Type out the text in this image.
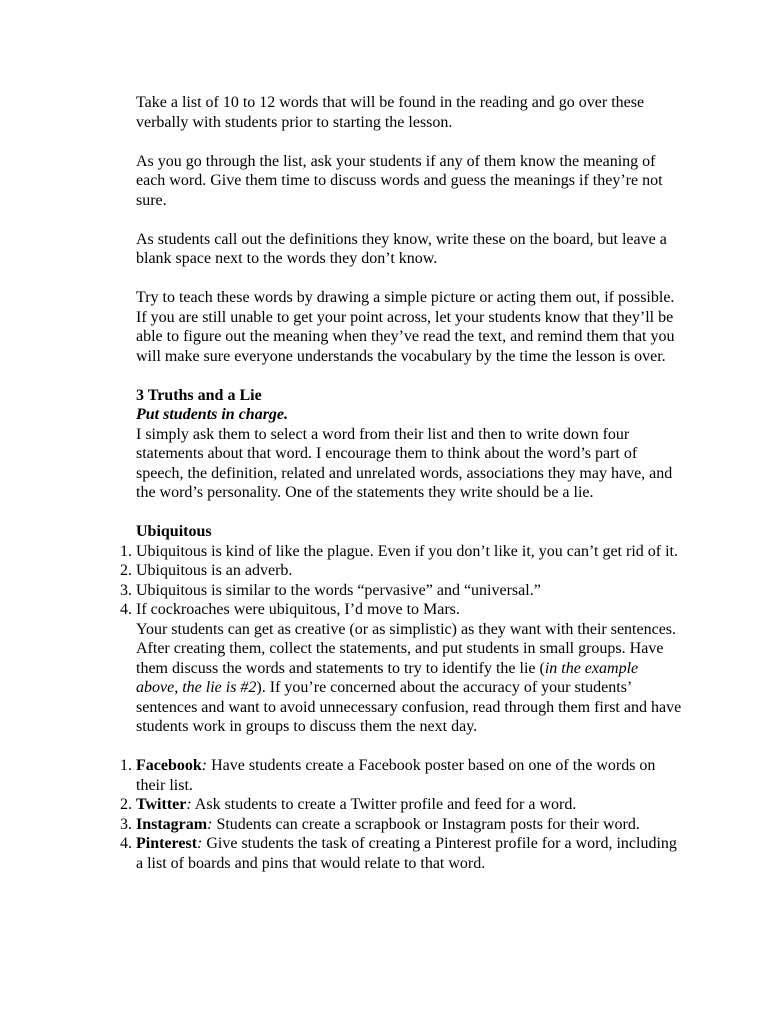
Take a list of 10 to 12 words that will be found in the reading and go over these verbally with students prior to starting the lesson.

As you go through the list, ask your students if any of them know the meaning of each word. Give them time to discuss words and guess the meanings if they’re not sure.

As students call out the definitions they know, write these on the board, but leave a blank space next to the words they don’t know.

Try to teach these words by drawing a simple picture or acting them out, if possible. If you are still unable to get your point across, let your students know that they’ll be able to figure out the meaning when they’ve read the text, and remind them that you will make sure everyone understands the vocabulary by the time the lesson is over.

3 Truths and a Lie

Put students in charge.

I simply ask them to select a word from their list and then to write down four statements about that word. I encourage them to think about the word’s part of speech, the definition, related and unrelated words, associations they may have, and the word’s personality. One of the statements they write should be a lie.

Ubiquitous

1. Ubiquitous is kind of like the plague. Even if you don’t like it, you can’t get rid of it.
2. Ubiquitous is an adverb.
3. Ubiquitous is similar to the words “pervasive” and “universal.”
4. If cockroaches were ubiquitous, I’d move to Mars.

Your students can get as creative (or as simplistic) as they want with their sentences. After creating them, collect the statements, and put students in small groups. Have them discuss the words and statements to try to identify the lie (in the example above, the lie is #2). If you’re concerned about the accuracy of your students’ sentences and want to avoid unnecessary confusion, read through them first and have students work in groups to discuss them the next day.

1. Facebook: Have students create a Facebook poster based on one of the words on their list.
2. Twitter: Ask students to create a Twitter profile and feed for a word.
3. Instagram: Students can create a scrapbook or Instagram posts for their word.
4. Pinterest: Give students the task of creating a Pinterest profile for a word, including a list of boards and pins that would relate to that word.
